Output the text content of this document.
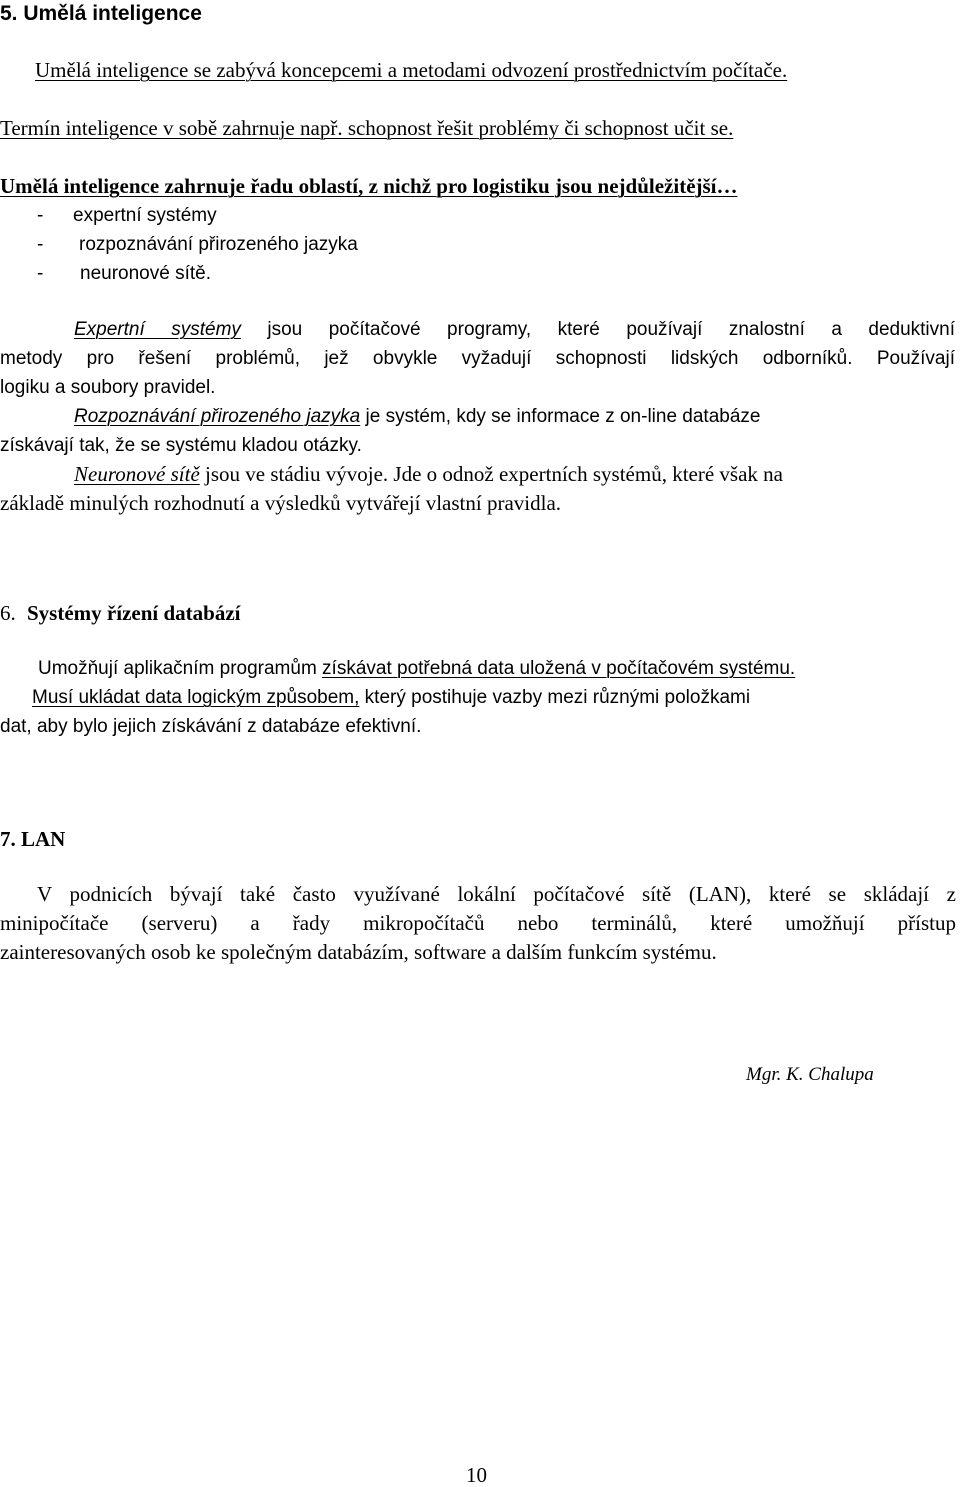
5. Umělá inteligence
Umělá inteligence se zabývá koncepcemi a metodami odvození prostřednictvím počítače.
Termín inteligence v sobě zahrnuje např. schopnost řešit problémy či schopnost učit se.
Umělá inteligence zahrnuje řadu oblastí, z nichž pro logistiku jsou nejdůležitější…
- expertní systémy
- rozpoznávání přirozeného jazyka
- neuronové sítě.
Expertní systémy jsou počítačové programy, které používají znalostní a deduktivní
metody pro řešení problémů, jež obvykle vyžadují schopnosti lidských odborníků. Používají
logiku a soubory pravidel.
Rozpoznávání přirozeného jazyka je systém, kdy se informace z on-line databáze
získávají tak, že se systému kladou otázky.
Neuronové sítě jsou ve stádiu vývoje. Jde o odnož expertních systémů, které však na
základě minulých rozhodnutí a výsledků vytvářejí vlastní pravidla.
6. Systémy řízení databází
Umožňují aplikačním programům získávat potřebná data uložená v počítačovém systému.
Musí ukládat data logickým způsobem, který postihuje vazby mezi různými položkami
dat, aby bylo jejich získávání z databáze efektivní.
7. LAN
V podnicích bývají také často využívané lokální počítačové sítě (LAN), které se skládají z
minipočítače (serveru) a řady mikropočítačů nebo terminálů, které umožňují přístup
zainteresovaných osob ke společným databázím, software a dalším funkcím systému.
Mgr. K. Chalupa
10
